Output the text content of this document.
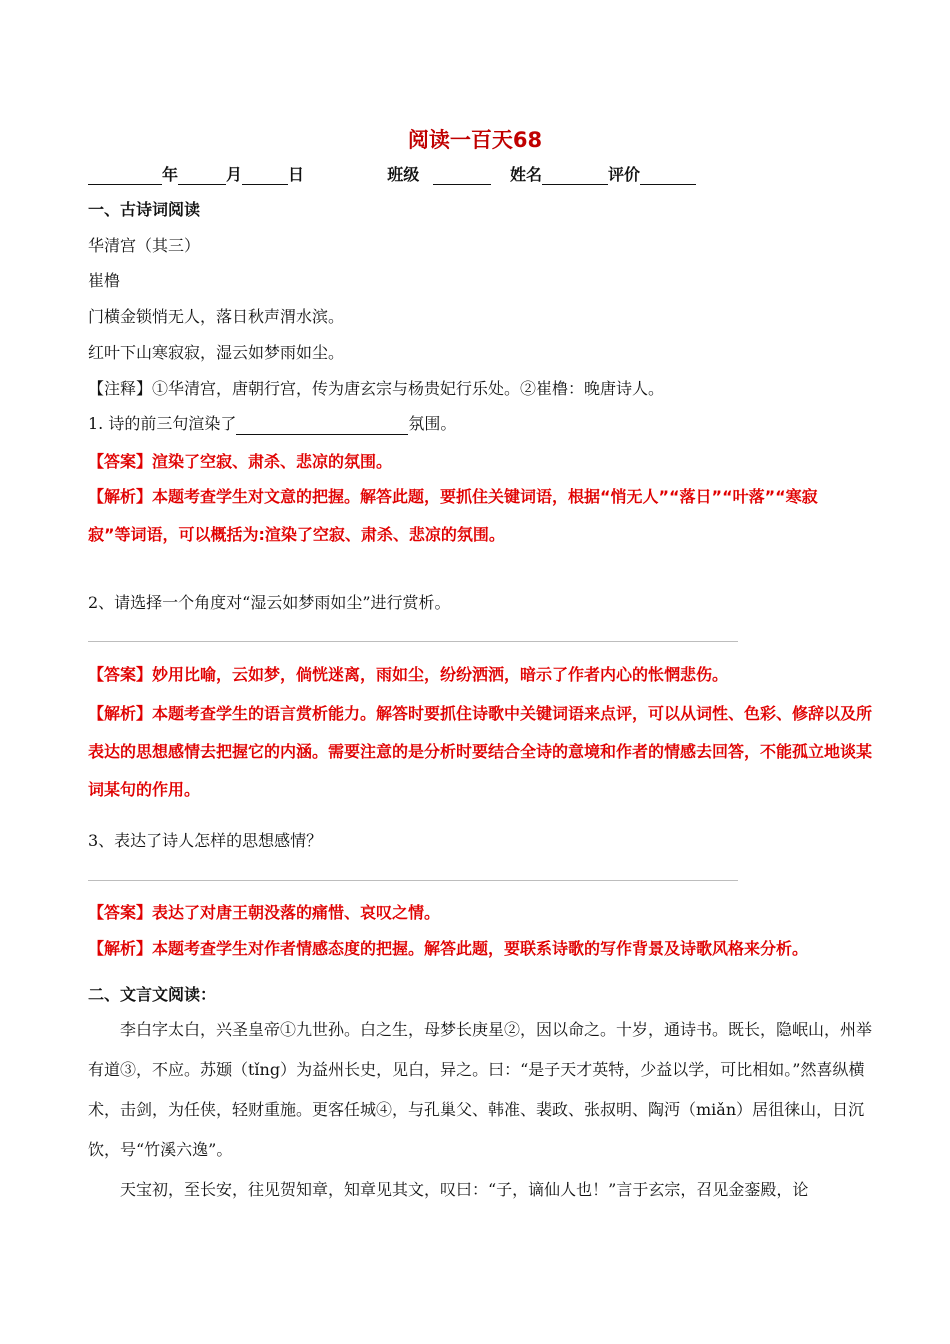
阅读一百天68
年	月	日	班级	姓名	评价
一、古诗词阅读
华清宫（其三）
崔橹
门横金锁悄无人，落日秋声渭水滨。
红叶下山寒寂寂，湿云如梦雨如尘。
【注释】①华清宫，唐朝行宫，传为唐玄宗与杨贵妃行乐处。②崔橹：晚唐诗人。
1. 诗的前三句渲染了	氛围。
【答案】渲染了空寂、肃杀、悲凉的氛围。
【解析】本题考查学生对文意的把握。解答此题，要抓住关键词语，根据“悄无人”“落日”“叶落”“寒寂寂”等词语，可以概括为:渲染了空寂、肃杀、悲凉的氛围。
2、请选择一个角度对“湿云如梦雨如尘”进行赏析。
【答案】妙用比喻，云如梦，倘恍迷离，雨如尘，纷纷洒洒，暗示了作者内心的怅惘悲伤。
【解析】本题考查学生的语言赏析能力。解答时要抓住诗歌中关键词语来点评，可以从词性、色彩、修辞以及所表达的思想感情去把握它的内涵。需要注意的是分析时要结合全诗的意境和作者的情感去回答，不能孤立地谈某词某句的作用。
3、表达了诗人怎样的思想感情？
【答案】表达了对唐王朝没落的痛惜、哀叹之情。
【解析】本题考查学生对作者情感态度的把握。解答此题，要联系诗歌的写作背景及诗歌风格来分析。
二、文言文阅读：
李白字太白，兴圣皇帝①九世孙。白之生，母梦长庚星②，因以命之。十岁，通诗书。既长，隐岷山，州举有道③，不应。苏颋（tǐng）为益州长史，见白，异之。曰：“是子天才英特，少益以学，可比相如。”然喜纵横术，击剑，为任侠，轻财重施。更客任城④，与孔巢父、韩准、裴政、张叔明、陶沔（miǎn）居徂徕山，日沉饮，号“竹溪六逸”。
天宝初，至长安，往见贺知章，知章见其文，叹曰：“子，谪仙人也！”言于玄宗，召见金銮殿，论
